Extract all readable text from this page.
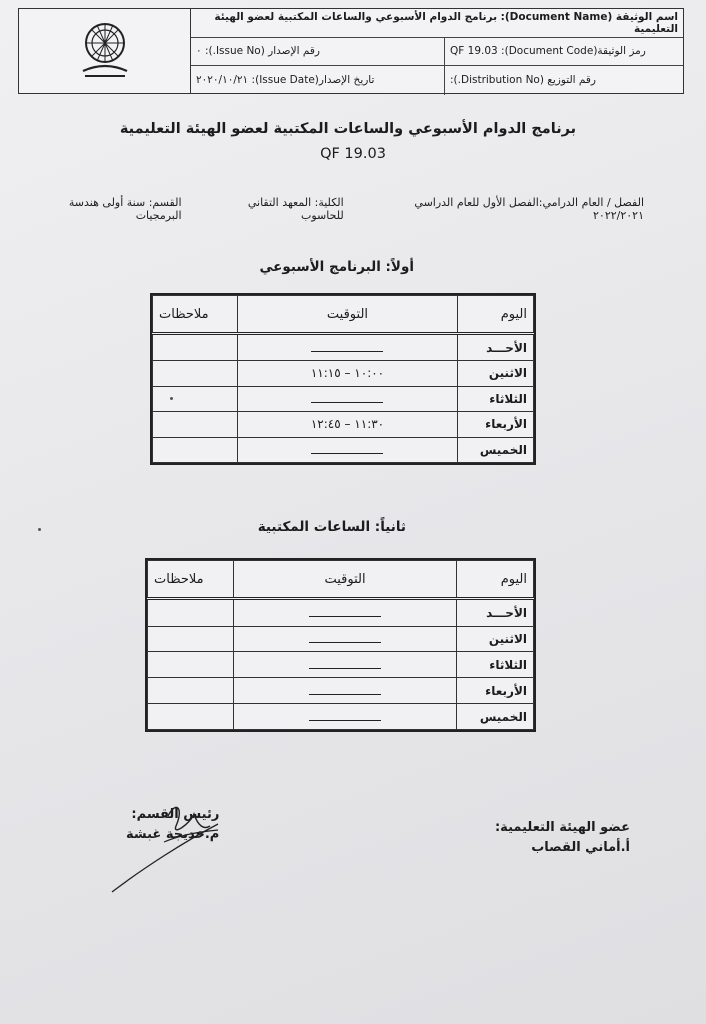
اسم الوثيقة (Document Name): برنامج الدوام الأسبوعي والساعات المكتبية لعضو الهيئة التعليمية
رمز الوثيقة(Document Code): QF 19.03
رقم الإصدار (Issue No.): ٠
رقم التوزيع (Distribution No.):
تاريخ الإصدار(Issue Date): ٢٠٢٠/١٠/٢١
برنامج الدوام الأسبوعي والساعات المكتبية لعضو الهيئة التعليمية
QF 19.03
الفصل / العام الدرامي:الفصل الأول للعام الدراسي ٢٠٢٢/٢٠٢١
الكلية: المعهد التقاني للحاسوب
القسم: سنة أولى هندسة البرمجيات
أولاً: البرنامج الأسبوعي
اليوم	التوقيت	ملاحظات
الأحـــد		
الاثنين	١٠:٠٠ – ١١:١٥	
الثلاثاء		
الأربعاء	١١:٣٠ – ١٢:٤٥	
الخميس		
ثانياً: الساعات المكتبية
اليوم	التوقيت	ملاحظات
الأحـــد		
الاثنين		
الثلاثاء		
الأربعاء		
الخميس		
عضو الهيئة التعليمية:
أ.أماني القصاب
رئيس القسم:
م.خديجة غبشة
